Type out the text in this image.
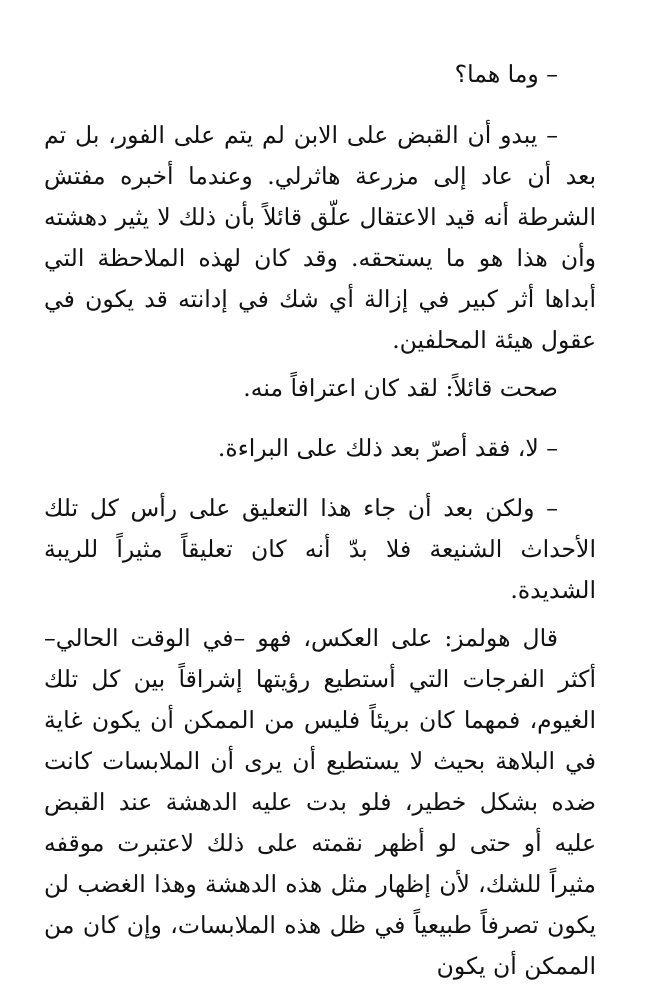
– وما هما؟

– يبدو أن القبض على الابن لم يتم على الفور، بل تم بعد أن عاد إلى مزرعة هاثرلي. وعندما أخبره مفتش الشرطة أنه قيد الاعتقال علّق قائلاً بأن ذلك لا يثير دهشته وأن هذا هو ما يستحقه. وقد كان لهذه الملاحظة التي أبداها أثر كبير في إزالة أي شك في إدانته قد يكون في عقول هيئة المحلفين.

صحت قائلاً: لقد كان اعترافاً منه.

– لا، فقد أصرّ بعد ذلك على البراءة.

– ولكن بعد أن جاء هذا التعليق على رأس كل تلك الأحداث الشنيعة فلا بدّ أنه كان تعليقاً مثيراً للريبة الشديدة.

قال هولمز: على العكس، فهو –في الوقت الحالي– أكثر الفرجات التي أستطيع رؤيتها إشراقاً بين كل تلك الغيوم، فمهما كان بريئاً فليس من الممكن أن يكون غاية في البلاهة بحيث لا يستطيع أن يرى أن الملابسات كانت ضده بشكل خطير، فلو بدت عليه الدهشة عند القبض عليه أو حتى لو أظهر نقمته على ذلك لاعتبرت موقفه مثيراً للشك، لأن إظهار مثل هذه الدهشة وهذا الغضب لن يكون تصرفاً طبيعياً في ظل هذه الملابسات، وإن كان من الممكن أن يكون
